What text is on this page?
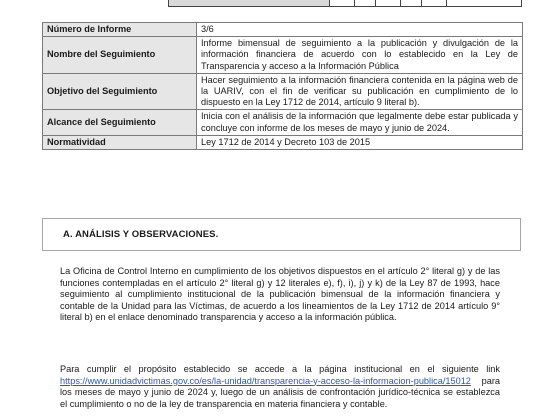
Número de Informe	3/6
Nombre del Seguimiento	Informe bimensual de seguimiento a la publicación y divulgación de la información financiera de acuerdo con lo establecido en la Ley de Transparencia y acceso a la Información Pública
Objetivo del Seguimiento	Hacer seguimiento a la información financiera contenida en la página web de la UARIV, con el fin de verificar su publicación en cumplimiento de lo dispuesto en la Ley 1712 de 2014, artículo 9 literal b).
Alcance del Seguimiento	Inicia con el análisis de la información que legalmente debe estar publicada y concluye con informe de los meses de mayo y junio de 2024.
Normatividad	Ley 1712 de 2014 y Decreto 103 de 2015
A. ANÁLISIS Y OBSERVACIONES.
La Oficina de Control Interno en cumplimiento de los objetivos dispuestos en el artículo 2° literal g) y de las funciones contempladas en el artículo 2° literal g) y 12 literales e), f), i), j) y k) de la Ley 87 de 1993, hace seguimiento al cumplimiento institucional de la publicación bimensual de la información financiera y contable de la Unidad para las Víctimas, de acuerdo a los lineamientos de la Ley 1712 de 2014 artículo 9° literal b) en el enlace denominado transparencia y acceso a la información pública.
Para cumplir el propósito establecido se accede a la página institucional en el siguiente link https://www.unidadvictimas.gov.co/es/la-unidad/transparencia-y-acceso-la-informacion-publica/15012 para los meses de mayo y junio de 2024 y, luego de un análisis de confrontación jurídico-técnica se establezca el cumplimiento o no de la ley de transparencia en materia financiera y contable.
